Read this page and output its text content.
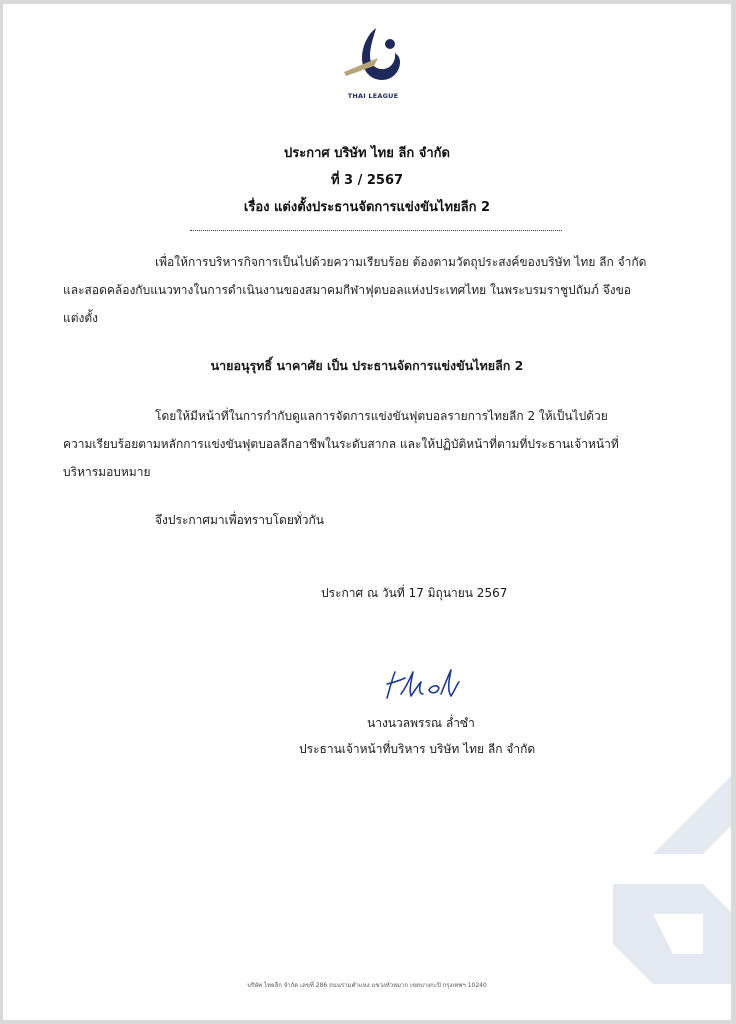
THAI LEAGUE
ประกาศ บริษัท ไทย ลีก จำกัด
ที่ 3 / 2567
เรื่อง แต่งตั้งประธานจัดการแข่งขันไทยลีก 2
เพื่อให้การบริหารกิจการเป็นไปด้วยความเรียบร้อย ต้องตามวัตถุประสงค์ของบริษัท ไทย ลีก จำกัด
และสอดคล้องกับแนวทางในการดำเนินงานของสมาคมกีฬาฟุตบอลแห่งประเทศไทย ในพระบรมราชูปถัมภ์ จึงขอ
แต่งตั้ง
นายอนุรุทธิ์ นาคาศัย เป็น ประธานจัดการแข่งขันไทยลีก 2
โดยให้มีหน้าที่ในการกำกับดูแลการจัดการแข่งขันฟุตบอลรายการไทยลีก 2 ให้เป็นไปด้วย
ความเรียบร้อยตามหลักการแข่งขันฟุตบอลลีกอาชีพในระดับสากล และให้ปฏิบัติหน้าที่ตามที่ประธานเจ้าหน้าที่
บริหารมอบหมาย
จึงประกาศมาเพื่อทราบโดยทั่วกัน
ประกาศ ณ วันที่ 17 มิถุนายน 2567
นางนวลพรรณ ล่ำซำ
ประธานเจ้าหน้าที่บริหาร บริษัท ไทย ลีก จำกัด
บริษัท ไทยลีก จำกัด เลขที่ 286 ถนนรามคำแหง แขวงหัวหมาก เขตบางกะปิ กรุงเทพฯ 10240
